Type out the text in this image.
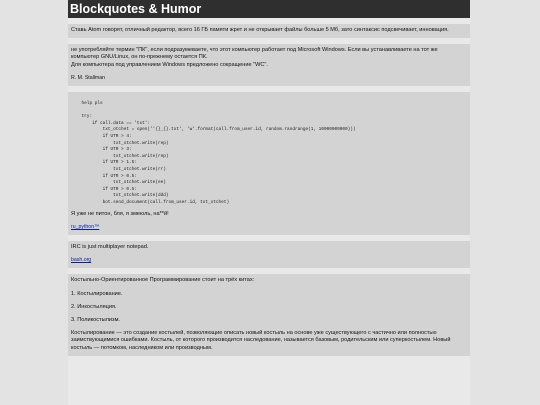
Blockquotes & Humor

Ставь Atom говорят, отличный редактор, всего 16 ГБ памяти жрет и не открывает файлы больше 5 Мб, зато синтаксис подсвечивает, инновация.

не употребляйте термин "ПК", если подразумеваете, что этот компьютер работает под Microsoft Windows. Если вы устанавливаете на тот же компьютер GNU/Linux, он по-прежнему остается ПК.

Для компьютера под управлением Windows предложено сокращение "WC".

R. M. Stallman

help pls

try:
if call.data == 'txt':
txt_otchet = open(''{}_{}.txt', 'w'.format(call.from_user.id, random.randrange(1, 10000000000)))
if UTR > 4:
txt_otchet.write(rep)
if UTR > 3:
txt_otchet.write(rep)
if UTR > 1.5:
txt_otchet.write(rr)
if UTR > 0.5:
txt_otchet.write(ee)
if UTR > 0.5:
txt_otchet.write(ddd)
bot.send_document(call.from_user.id, txt_otchet)

Я уже не питон, бля, я змеюль, на**й!

ru_python™

IRC is just multiplayer notepad.

bash.org

Костыльно-Ориентированное Программирование стоит на трёх китах:

1. Костылирование.

2. Инкостыляция.

3. Поликостылизм.

Костылирование — это создание костылей, позволяющие описать новый костыль на основе уже существующего с частично или полностью заимствующимися ошибками. Костыль, от которого производится наследование, называется базовым, родительским или суперкостылем. Новый костыль — потомком, наследником или производным.
